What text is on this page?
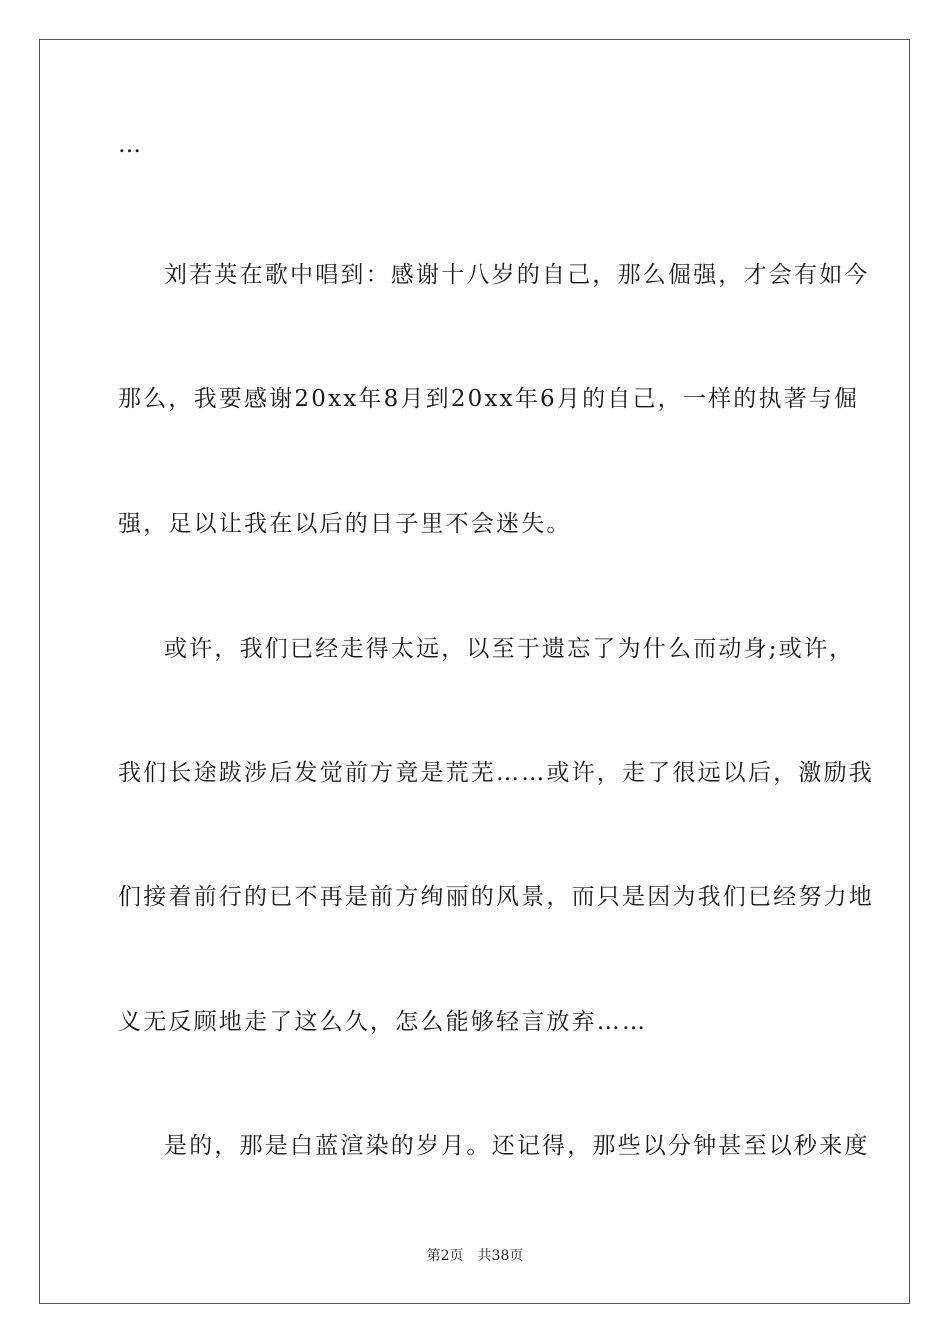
…
刘若英在歌中唱到：感谢十八岁的自己，那么倔强，才会有如今
那么，我要感谢20xx年8月到20xx年6月的自己，一样的执著与倔
强，足以让我在以后的日子里不会迷失。
或许，我们已经走得太远，以至于遗忘了为什么而动身;或许，
我们长途跋涉后发觉前方竟是荒芜……或许，走了很远以后，激励我
们接着前行的已不再是前方绚丽的风景，而只是因为我们已经努力地
义无反顾地走了这么久，怎么能够轻言放弃……
是的，那是白蓝渲染的岁月。还记得，那些以分钟甚至以秒来度
第2页 共38页
